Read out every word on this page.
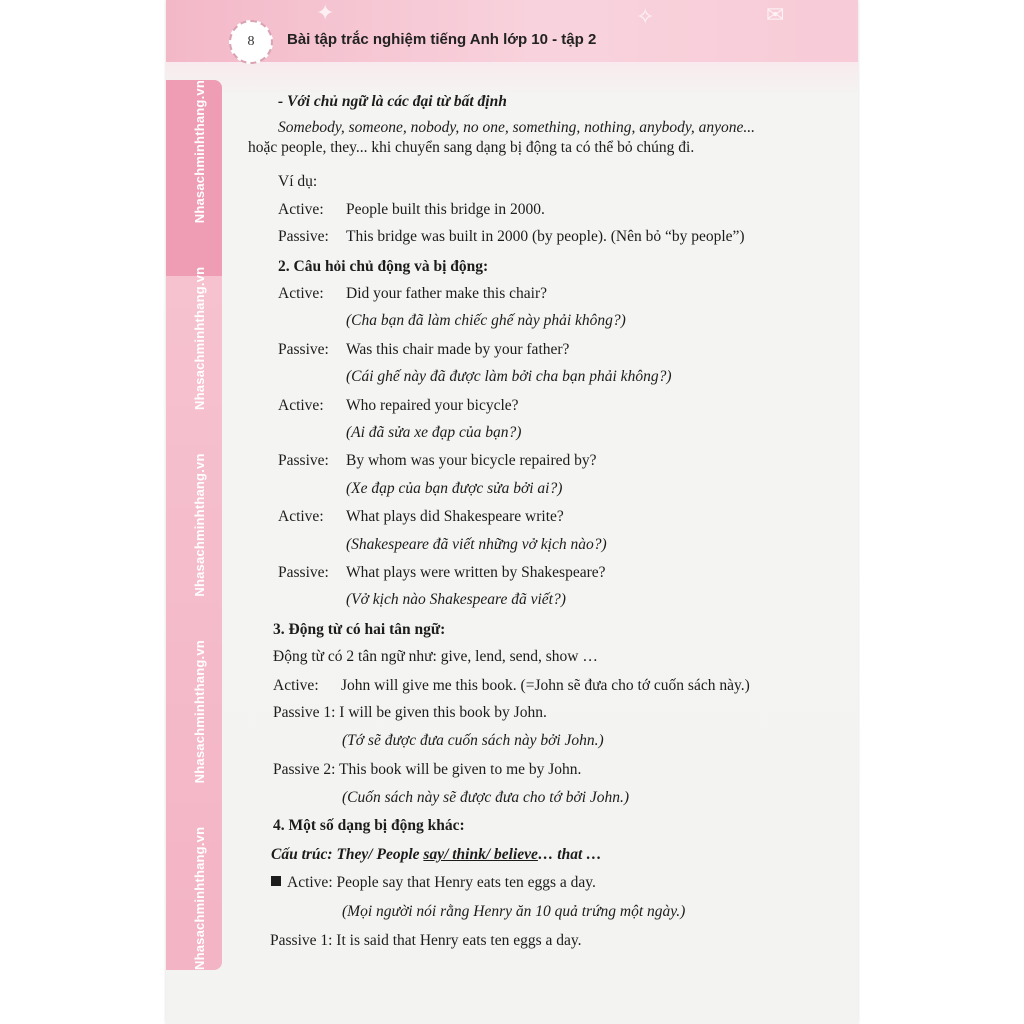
✦	✧	✉
8	Bài tập trắc nghiệm tiếng Anh lớp 10 - tập 2
Nhasachminhthang.vn
Nhasachminhthang.vn
Nhasachminhthang.vn
Nhasachminhthang.vn
Nhasachminhthang.vn	- Với chủ ngữ là các đại từ bất định
Somebody, someone, nobody, no one, something, nothing, anybody, anyone...
hoặc people, they... khi chuyển sang dạng bị động ta có thể bỏ chúng đi.
Ví dụ:
Active: People built this bridge in 2000.
Passive: This bridge was built in 2000 (by people). (Nên bỏ “by people”)
2. Câu hỏi chủ động và bị động:
Active: Did your father make this chair?
(Cha bạn đã làm chiếc ghế này phải không?)
Passive: Was this chair made by your father?
(Cái ghế này đã được làm bởi cha bạn phải không?)
Active: Who repaired your bicycle?
(Ai đã sửa xe đạp của bạn?)
Passive: By whom was your bicycle repaired by?
(Xe đạp của bạn được sửa bởi ai?)
Active: What plays did Shakespeare write?
(Shakespeare đã viết những vở kịch nào?)
Passive: What plays were written by Shakespeare?
(Vở kịch nào Shakespeare đã viết?)
3. Động từ có hai tân ngữ:
Động từ có 2 tân ngữ như: give, lend, send, show …
Active: John will give me this book. (=John sẽ đưa cho tớ cuốn sách này.)
Passive 1: I will be given this book by John.
(Tớ sẽ được đưa cuốn sách này bởi John.)
Passive 2: This book will be given to me by John.
(Cuốn sách này sẽ được đưa cho tớ bởi John.)
4. Một số dạng bị động khác:
Cấu trúc: They/ People say/ think/ believe… that …
Active: People say that Henry eats ten eggs a day.
(Mọi người nói rằng Henry ăn 10 quả trứng một ngày.)
Passive 1: It is said that Henry eats ten eggs a day.
